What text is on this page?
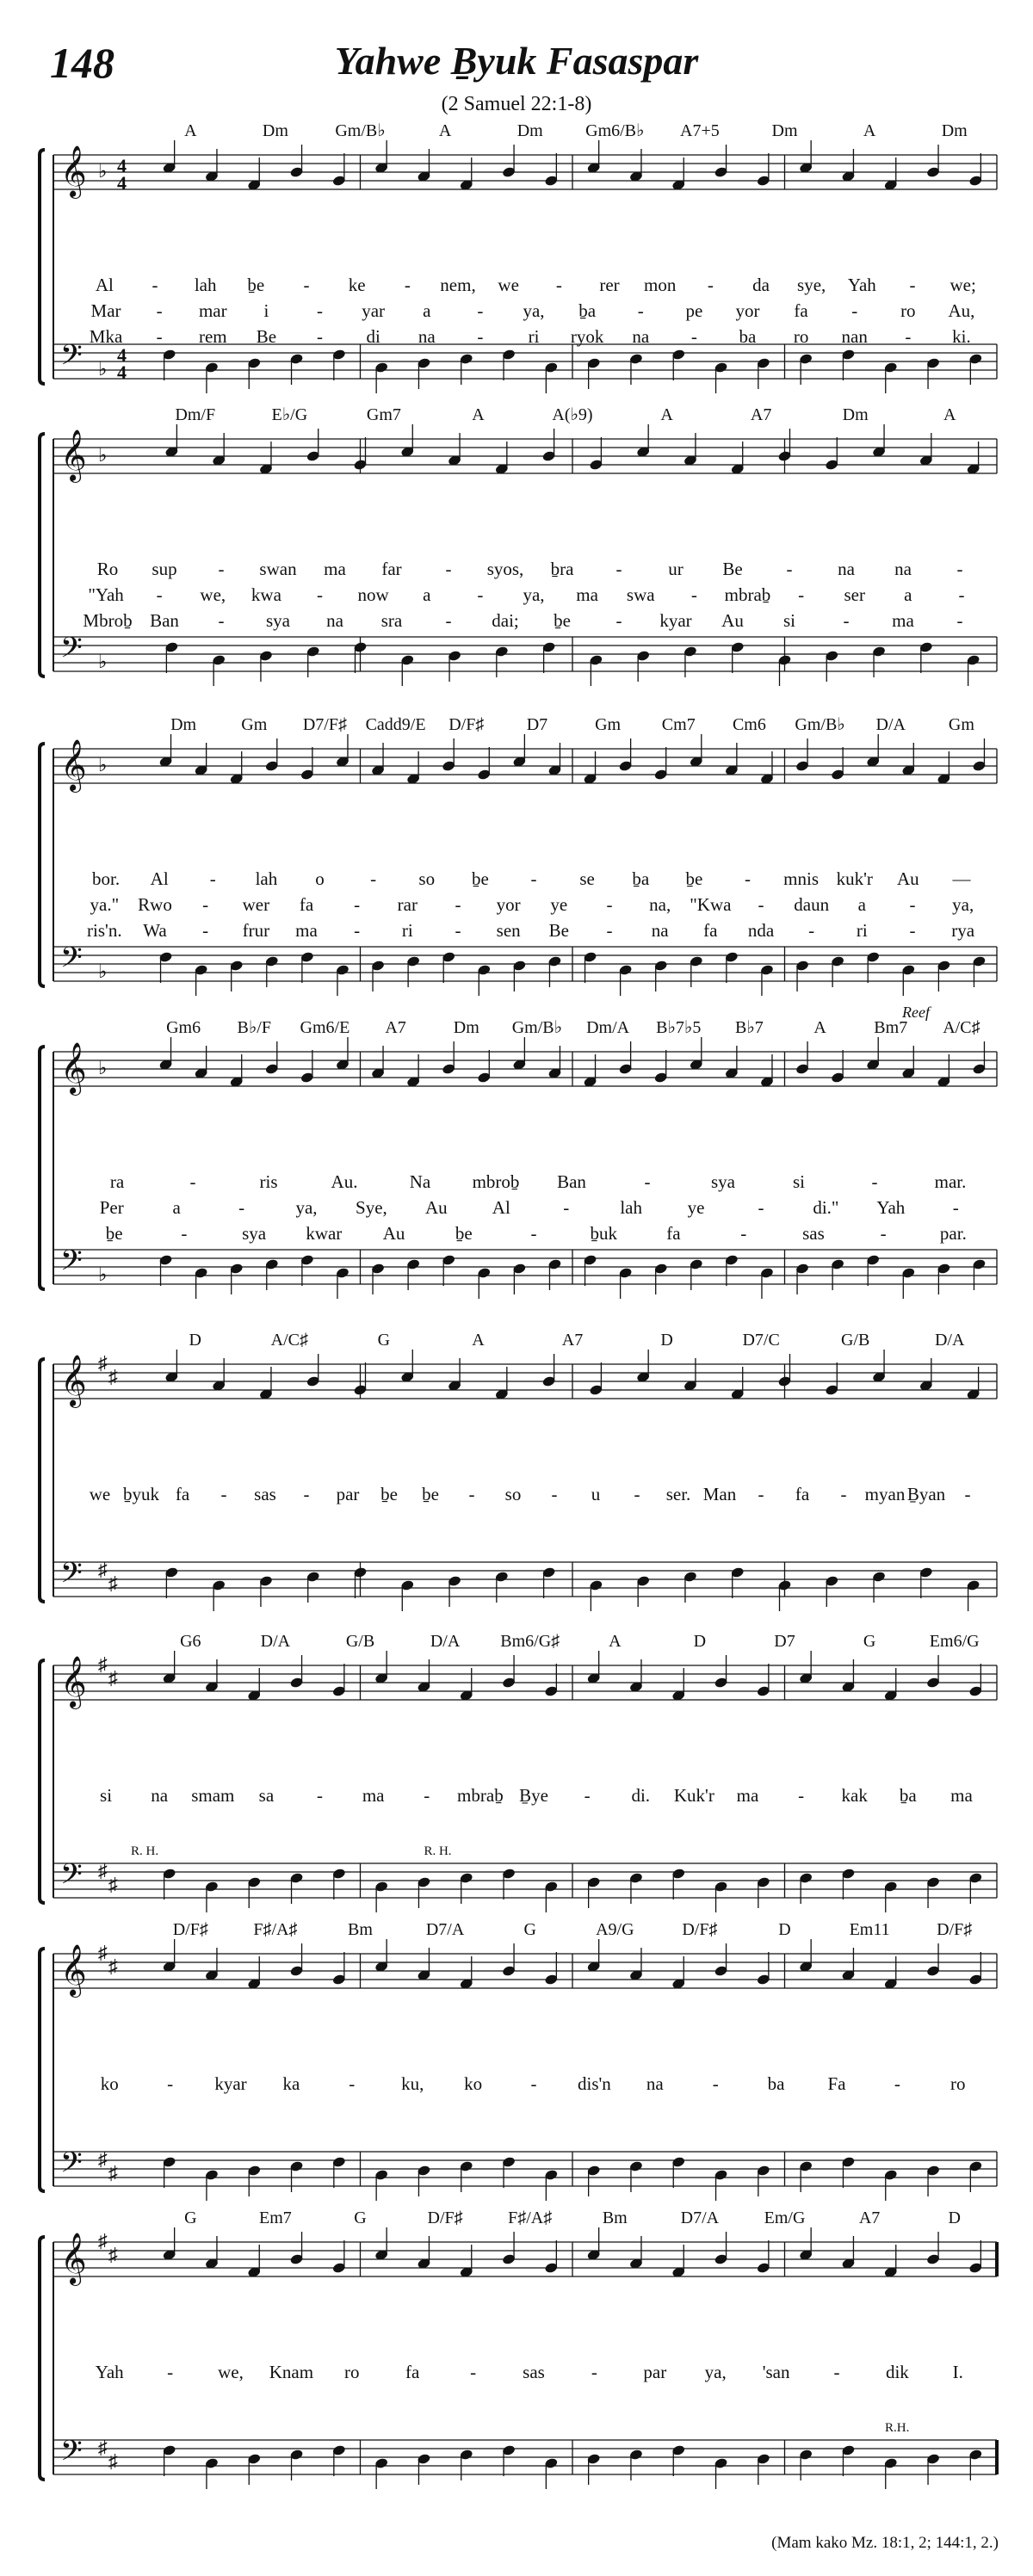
𝄞
𝄢
♭
♭
4
4
4
4
A	Dm	Gm/B♭	A	Dm Gm6/B♭ A7+5	Dm	A	Dm
Al - lah ḇe - ke - nem, we - rer mon - da sye, Yah - we;
Mar - mar i	- yar a	- ya, ḇa - pe yor fa - ro Au,
Mka - rem Be - di na - ri ryok na - ba ro nan - ki.
𝄞
𝄢
♭
♭
Dm/F	E♭/G	Gm7	A	A(♭9)	A	A7	Dm	A
Ro sup - swan ma far - syos, ḇra -	ur Be -	na na	-
"Yah - we, kwa - now a	- ya, ma swa - mbraḇ - ser a	-
Mbroḇ Ban - sya na sra - dai; ḇe	- kyar Au si	- ma -
𝄞
𝄢
♭
♭
Dm	Gm D7/F♯ Cadd9/E D/F♯ D7	Gm Cm7 Cm6 Gm/B♭ D/A Gm
bor. Al - lah o	- so ḇe - se ḇa ḇe - mnis kuk'r Au —
ya." Rwo - wer fa - rar - yor ye - na, "Kwa - daun a - ya,
ris'n. Wa - frur ma - ri - sen Be - na fa nda - ri - rya
𝄞
𝄢
♭
♭
Gm6 B♭/F Gm6/E A7	Dm Gm/B♭ Dm/A B♭7♭5 B♭7	A	Bm7 A/C♯
ra	-	ris	Au.	Na mbroḇ Ban	-	sya	si	-	mar.
Per	a	-	ya, Sye, Au Al	-	lah	ye	-	di." Yah	-
ḇe	-	sya kwar Au	ḇe	-	ḇuk	fa	-	sas	-	par.
Reef
𝄞
𝄢
♯
♯
♯
♯
D	A/C♯	G	A	A7	D	D7/C	G/B	D/A
we ḇyuk fa - sas - par ḇe ḇe - so - u - ser. Man - fa - myan Ḇyan -
𝄞
𝄢
♯
♯
♯
♯
G6	D/A	G/B	D/A Bm6/G♯	A	D	D7	G	Em6/G
si na smam sa - ma - mbraḇ Ḇye - di. Kuk'r ma - kak ḇa ma
R. H.	R. H.
𝄞
𝄢
♯
♯
♯
♯
D/F♯	F♯/A♯	Bm	D7/A	G	A9/G	D/F♯	D	Em11	D/F♯
ko	- kyar ka	-	ku, ko	- dis'n na	-	ba Fa	-	ro
𝄞
𝄢
♯
♯
♯
♯
G	Em7	G	D/F♯	F♯/A♯	Bm	D7/A	Em/G	A7	D
Yah - we, Knam ro	fa	-	sas	-	par ya, 'san -	dik I.
R.H.
148	Yahwe Ḇyuk Fasaspar
(2 Samuel 22:1-8)
(Mam kako Mz. 18:1, 2; 144:1, 2.)
